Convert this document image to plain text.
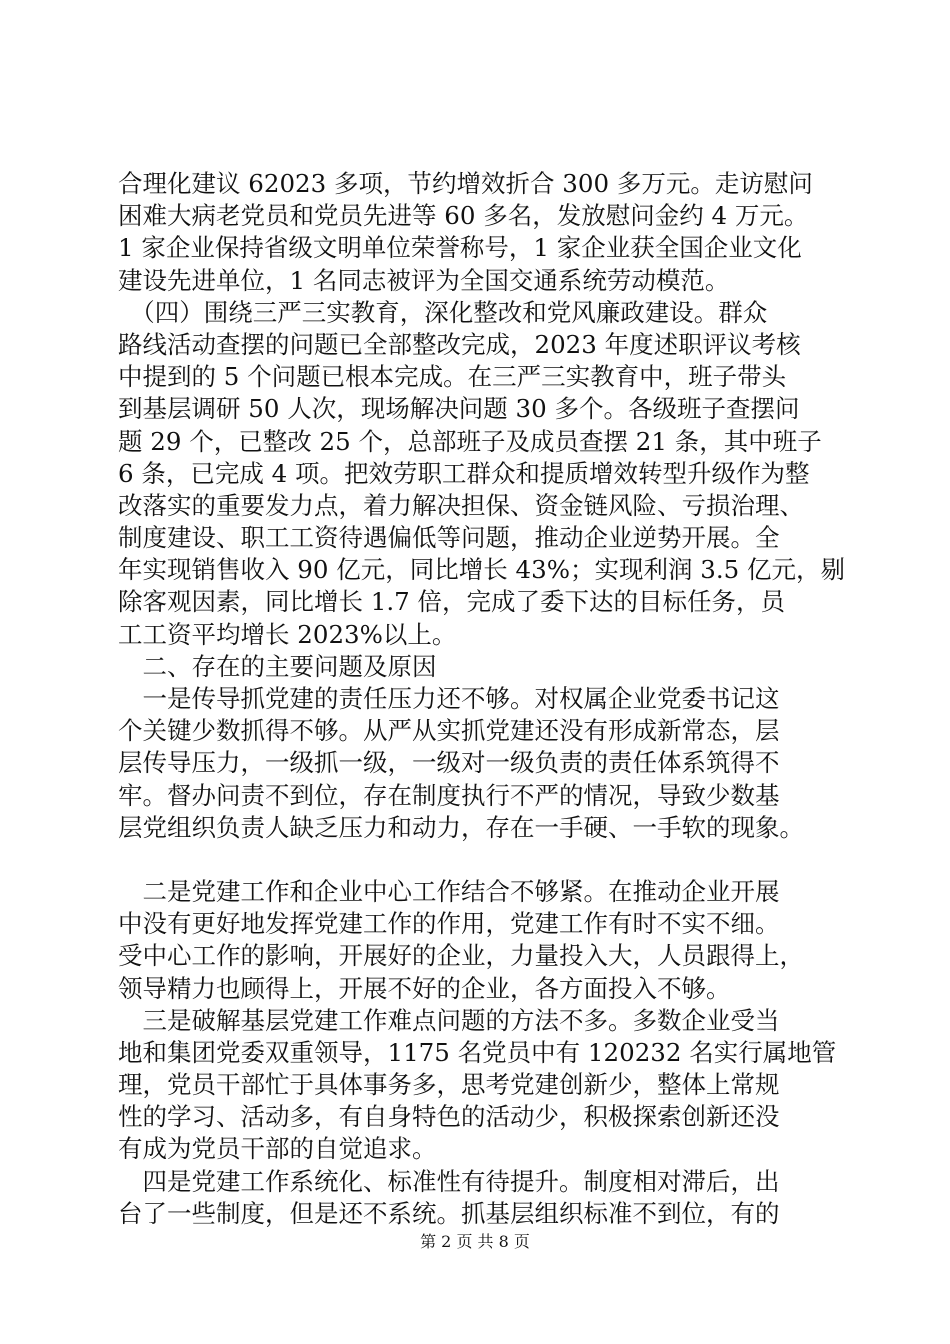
合理化建议 62023 多项，节约增效折合 300 多万元。走访慰问
困难大病老党员和党员先进等 60 多名，发放慰问金约 4 万元。
1 家企业保持省级文明单位荣誉称号，1 家企业获全国企业文化
建设先进单位，1 名同志被评为全国交通系统劳动模范。
　（四）围绕三严三实教育，深化整改和党风廉政建设。群众
路线活动查摆的问题已全部整改完成，2023 年度述职评议考核
中提到的 5 个问题已根本完成。在三严三实教育中，班子带头
到基层调研 50 人次，现场解决问题 30 多个。各级班子查摆问
题 29 个，已整改 25 个，总部班子及成员查摆 21 条，其中班子
6 条，已完成 4 项。把效劳职工群众和提质增效转型升级作为整
改落实的重要发力点，着力解决担保、资金链风险、亏损治理、
制度建设、职工工资待遇偏低等问题，推动企业逆势开展。全
年实现销售收入 90 亿元，同比增长 43%；实现利润 3.5 亿元，剔
除客观因素，同比增长 1.7 倍，完成了委下达的目标任务，员
工工资平均增长 2023%以上。
　二、存在的主要问题及原因
　一是传导抓党建的责任压力还不够。对权属企业党委书记这
个关键少数抓得不够。从严从实抓党建还没有形成新常态，层
层传导压力，一级抓一级，一级对一级负责的责任体系筑得不
牢。督办问责不到位，存在制度执行不严的情况，导致少数基
层党组织负责人缺乏压力和动力，存在一手硬、一手软的现象。
　二是党建工作和企业中心工作结合不够紧。在推动企业开展
中没有更好地发挥党建工作的作用，党建工作有时不实不细。
受中心工作的影响，开展好的企业，力量投入大，人员跟得上，
领导精力也顾得上，开展不好的企业，各方面投入不够。
　三是破解基层党建工作难点问题的方法不多。多数企业受当
地和集团党委双重领导，1175 名党员中有 120232 名实行属地管
理，党员干部忙于具体事务多，思考党建创新少，整体上常规
性的学习、活动多，有自身特色的活动少，积极探索创新还没
有成为党员干部的自觉追求。
　四是党建工作系统化、标准性有待提升。制度相对滞后，出
台了一些制度，但是还不系统。抓基层组织标准不到位，有的
第 2 页 共 8 页
